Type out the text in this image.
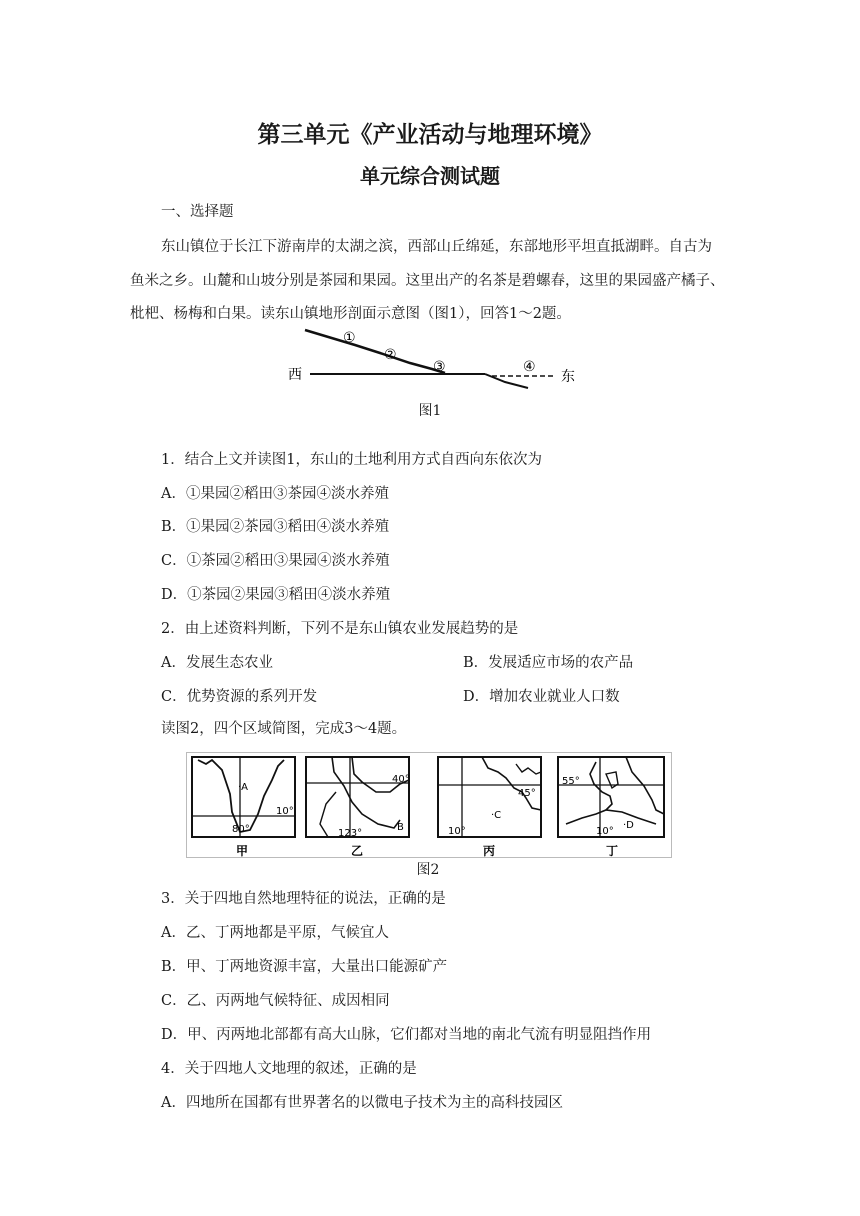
第三单元《产业活动与地理环境》
单元综合测试题
一、选择题
东山镇位于长江下游南岸的太湖之滨，西部山丘绵延，东部地形平坦直抵湖畔。自古为
鱼米之乡。山麓和山坡分别是茶园和果园。这里出产的名茶是碧螺春，这里的果园盛产橘子、
枇杷、杨梅和白果。读东山镇地形剖面示意图（图1），回答1～2题。
西	东
①
②
③	④
图1
1．结合上文并读图1，东山的土地利用方式自西向东依次为
A．①果园②稻田③茶园④淡水养殖
B．①果园②茶园③稻田④淡水养殖
C．①茶园②稻田③果园④淡水养殖
D．①茶园②果园③稻田④淡水养殖
2．由上述资料判断，下列不是东山镇农业发展趋势的是
A．发展生态农业	B．发展适应市场的农产品
C．优势资源的系列开发	D．增加农业就业人口数
读图2，四个区域简图，完成3～4题。
·A
10°
80°
甲
40°
123°
B
乙
45°
·C
10°
丙
55°
·D
10°
丁
图2
3．关于四地自然地理特征的说法，正确的是
A．乙、丁两地都是平原，气候宜人
B．甲、丁两地资源丰富，大量出口能源矿产
C．乙、丙两地气候特征、成因相同
D．甲、丙两地北部都有高大山脉，它们都对当地的南北气流有明显阻挡作用
4．关于四地人文地理的叙述，正确的是
A．四地所在国都有世界著名的以微电子技术为主的高科技园区
